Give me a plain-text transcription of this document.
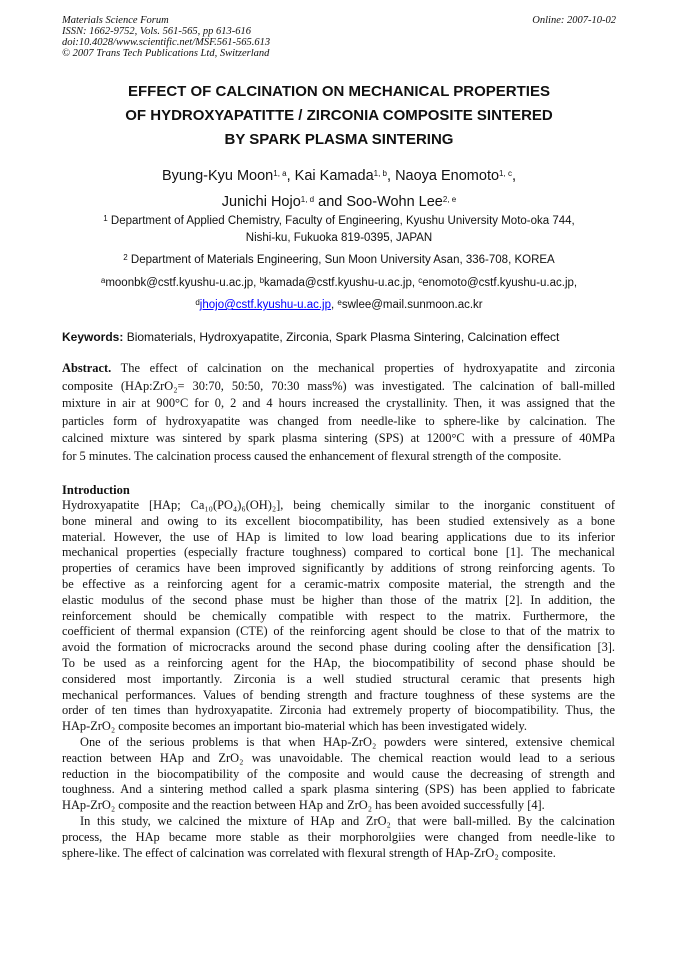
Materials Science Forum
ISSN: 1662-9752, Vols. 561-565, pp 613-616
doi:10.4028/www.scientific.net/MSF.561-565.613
© 2007 Trans Tech Publications Ltd, Switzerland
Online: 2007-10-02
EFFECT OF CALCINATION ON MECHANICAL PROPERTIES
OF HYDROXYAPATITTE / ZIRCONIA COMPOSITE SINTERED
BY SPARK PLASMA SINTERING
Byung-Kyu Moon$^{1, a}$, Kai Kamada$^{1, b}$, Naoya Enomoto$^{1, c}$,
Junichi Hojo$^{1, d}$ and Soo-Wohn Lee$^{2, e}$
$^1$ Department of Applied Chemistry, Faculty of Engineering, Kyushu University Moto-oka 744,
Nishi-ku, Fukuoka 819-0395, JAPAN
$^2$ Department of Materials Engineering, Sun Moon University Asan, 336-708, KOREA
$^a$moonbk@cstf.kyushu-u.ac.jp, $^b$kamada@cstf.kyushu-u.ac.jp, $^c$enomoto@cstf.kyushu-u.ac.jp,
$^d$jhojo@cstf.kyushu-u.ac.jp, $^e$swlee@mail.sunmoon.ac.kr
Keywords: Biomaterials, Hydroxyapatite, Zirconia, Spark Plasma Sintering, Calcination effect
Abstract. The effect of calcination on the mechanical properties of hydroxyapatite and zirconia
composite (HAp:ZrO₂= 30:70, 50:50, 70:30 mass%) was investigated. The calcination of ball-milled
mixture in air at 900°C for 0, 2 and 4 hours increased the crystallinity. Then, it was assigned that the
particles form of hydroxyapatite was changed from needle-like to sphere-like by calcination. The
calcined mixture was sintered by spark plasma sintering (SPS) at 1200°C with a pressure of 40MPa
for 5 minutes. The calcination process caused the enhancement of flexural strength of the composite.
Introduction
Hydroxyapatite [HAp; Ca₁₀(PO₄)₆(OH)₂], being chemically similar to the inorganic constituent of
bone mineral and owing to its excellent biocompatibility, has been studied extensively as a bone
material. However, the use of HAp is limited to low load bearing applications due to its inferior
mechanical properties (especially fracture toughness) compared to cortical bone [1]. The mechanical
properties of ceramics have been improved significantly by additions of strong reinforcing agents. To
be effective as a reinforcing agent for a ceramic-matrix composite material, the strength and the
elastic modulus of the second phase must be higher than those of the matrix [2]. In addition, the
reinforcement should be chemically compatible with respect to the matrix. Furthermore, the
coefficient of thermal expansion (CTE) of the reinforcing agent should be close to that of the matrix to
avoid the formation of microcracks around the second phase during cooling after the densification [3].
To be used as a reinforcing agent for the HAp, the biocompatibility of second phase should be
considered most importantly. Zirconia is a well studied structural ceramic that presents high
mechanical performances. Values of bending strength and fracture toughness of these systems are the
order of ten times than hydroxyapatite. Zirconia had extremely property of biocompatibility. Thus, the
HAp-ZrO₂ composite becomes an important bio-material which has been investigated widely.
One of the serious problems is that when HAp-ZrO₂ powders were sintered, extensive chemical
reaction between HAp and ZrO₂ was unavoidable. The chemical reaction would lead to a serious
reduction in the biocompatibility of the composite and would cause the decreasing of strength and
toughness. And a sintering method called a spark plasma sintering (SPS) has been applied to fabricate
HAp-ZrO₂ composite and the reaction between HAp and ZrO₂ has been avoided successfully [4].
In this study, we calcined the mixture of HAp and ZrO₂ that were ball-milled. By the calcination
process, the HAp became more stable as their morphorolgiies were changed from needle-like to
sphere-like. The effect of calcination was correlated with flexural strength of HAp-ZrO₂ composite.
